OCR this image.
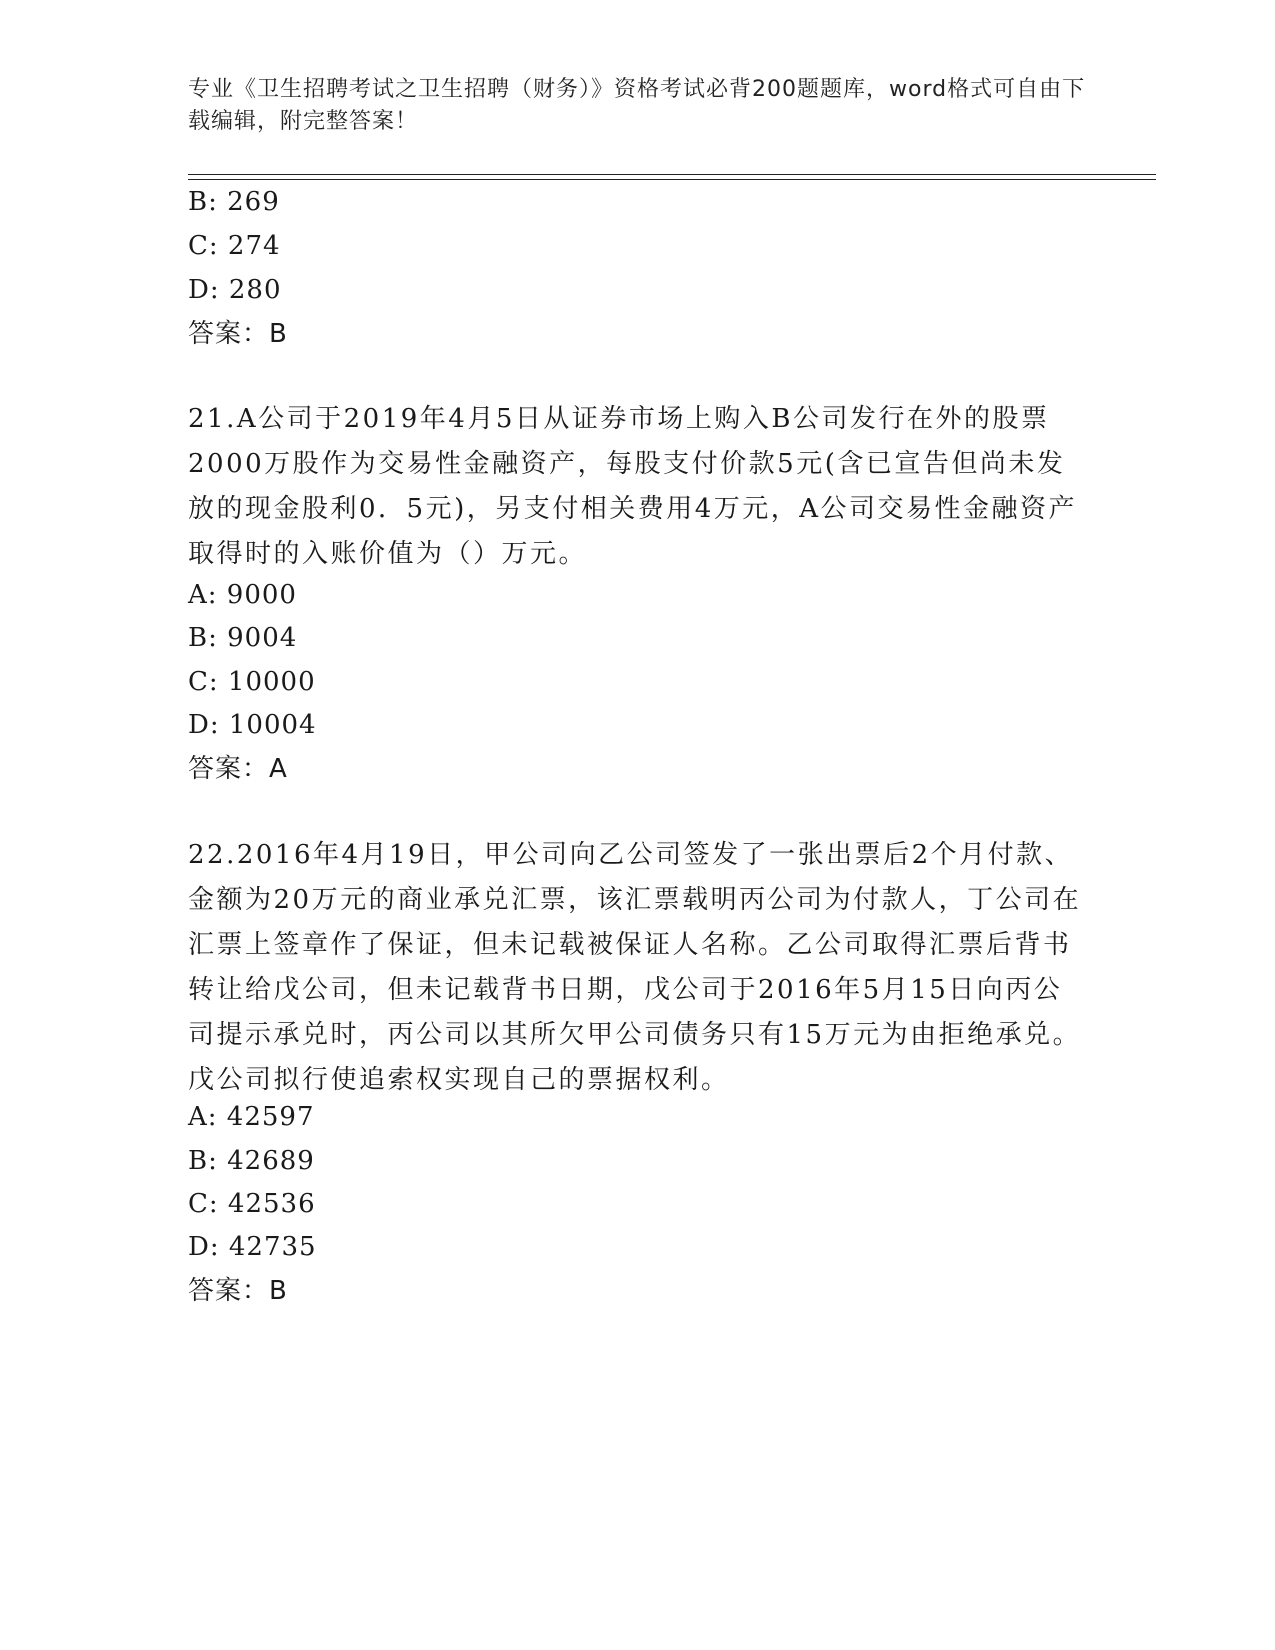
专业《卫生招聘考试之卫生招聘（财务）》资格考试必背200题题库，word格式可自由下载编辑，附完整答案！
B: 269
C: 274
D: 280
答案：B
21.A公司于2019年4月5日从证券市场上购入B公司发行在外的股票2000万股作为交易性金融资产，每股支付价款5元(含已宣告但尚未发放的现金股利0．5元)，另支付相关费用4万元，A公司交易性金融资产取得时的入账价值为（）万元。
A: 9000
B: 9004
C: 10000
D: 10004
答案：A
22.2016年4月19日，甲公司向乙公司签发了一张出票后2个月付款、金额为20万元的商业承兑汇票，该汇票载明丙公司为付款人，丁公司在汇票上签章作了保证，但未记载被保证人名称。乙公司取得汇票后背书转让给戊公司，但未记载背书日期，戊公司于2016年5月15日向丙公司提示承兑时，丙公司以其所欠甲公司债务只有15万元为由拒绝承兑。戊公司拟行使追索权实现自己的票据权利。
A: 42597
B: 42689
C: 42536
D: 42735
答案：B
